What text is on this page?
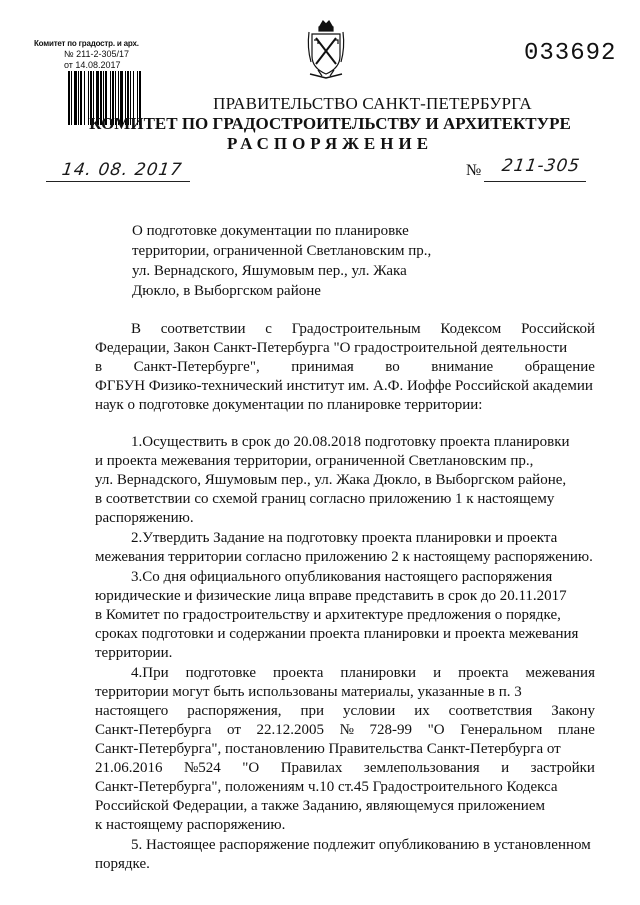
Комитет по градостр. и арх.
№ 211-2-305/17
от 14.08.2017	033692
ПРАВИТЕЛЬСТВО САНКТ-ПЕТЕРБУРГА
КОМИТЕТ ПО ГРАДОСТРОИТЕЛЬСТВУ И АРХИТЕКТУРЕ
РАСПОРЯЖЕНИЕ
14. 08. 2017	№ 211-305
О подготовке документации по планировке
территории, ограниченной Светлановским пр.,
ул. Вернадского, Яшумовым пер., ул. Жака
Дюкло, в Выборгском районе
В соответствии с Градостроительным Кодексом Российской
Федерации, Закон Санкт-Петербурга "О градостроительной деятельности
в Санкт-Петербурге", принимая во внимание обращение
ФГБУН Физико-технический институт им. А.Ф. Иоффе Российской академии
наук о подготовке документации по планировке территории:
1.Осуществить в срок до 20.08.2018 подготовку проекта планировки
и проекта межевания территории, ограниченной Светлановским пр.,
ул. Вернадского, Яшумовым пер., ул. Жака Дюкло, в Выборгском районе,
в соответствии со схемой границ согласно приложению 1 к настоящему
распоряжению.
2.Утвердить Задание на подготовку проекта планировки и проекта
межевания территории согласно приложению 2 к настоящему распоряжению.
3.Со дня официального опубликования настоящего распоряжения
юридические и физические лица вправе представить в срок до 20.11.2017
в Комитет по градостроительству и архитектуре предложения о порядке,
сроках подготовки и содержании проекта планировки и проекта межевания
территории.
4.При подготовке проекта планировки и проекта межевания
территории могут быть использованы материалы, указанные в п. 3
настоящего распоряжения, при условии их соответствия Закону
Санкт-Петербурга от 22.12.2005 № 728-99 "О Генеральном плане
Санкт-Петербурга", постановлению Правительства Санкт-Петербурга от
21.06.2016 №524 "О Правилах землепользования и застройки
Санкт-Петербурга", положениям ч.10 ст.45 Градостроительного Кодекса
Российской Федерации, а также Заданию, являющемуся приложением
к настоящему распоряжению.
5. Настоящее распоряжение подлежит опубликованию в установленном
порядке.
